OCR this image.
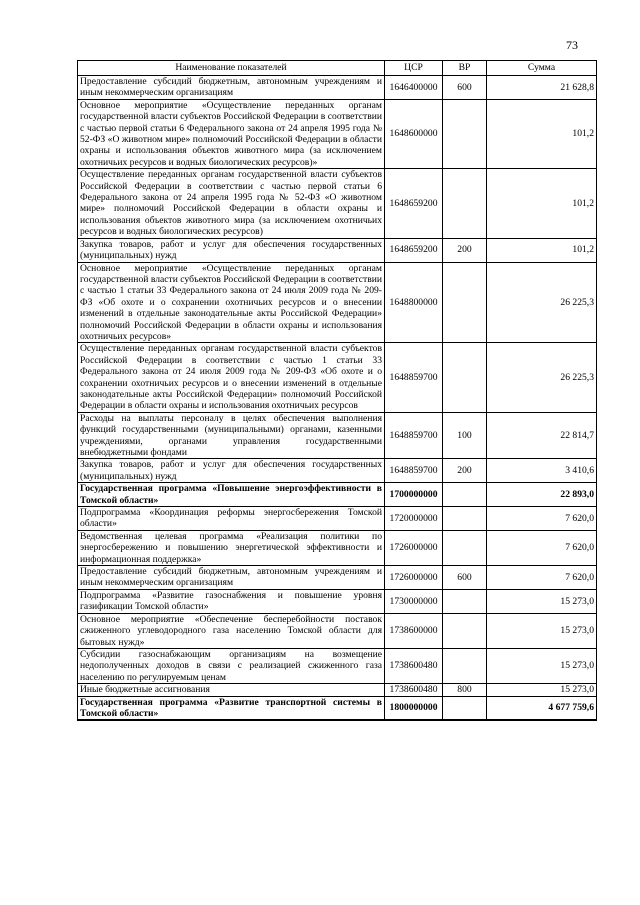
73
Наименование показателей	ЦСР	ВР	Сумма
Предоставление субсидий бюджетным, автономным учреждениям и иным некоммерческим организациям	1646400000	600	21 628,8
Основное мероприятие «Осуществление переданных органам государственной власти субъектов Российской Федерации в соответствии с частью первой статьи 6 Федерального закона от 24 апреля 1995 года № 52-ФЗ «О животном мире» полномочий Российской Федерации в области охраны и использования объектов животного мира (за исключением охотничьих ресурсов и водных биологических ресурсов)»	1648600000		101,2
Осуществление переданных органам государственной власти субъектов Российской Федерации в соответствии с частью первой статьи 6 Федерального закона от 24 апреля 1995 года № 52-ФЗ «О животном мире» полномочий Российской Федерации в области охраны и использования объектов животного мира (за исключением охотничьих ресурсов и водных биологических ресурсов)	1648659200		101,2
Закупка товаров, работ и услуг для обеспечения государственных (муниципальных) нужд	1648659200	200	101,2
Основное мероприятие «Осуществление переданных органам государственной власти субъектов Российской Федерации в соответствии с частью 1 статьи 33 Федерального закона от 24 июля 2009 года № 209-ФЗ «Об охоте и о сохранении охотничьих ресурсов и о внесении изменений в отдельные законодательные акты Российской Федерации» полномочий Российской Федерации в области охраны и использования охотничьих ресурсов»	1648800000		26 225,3
Осуществление переданных органам государственной власти субъектов Российской Федерации в соответствии с частью 1 статьи 33 Федерального закона от 24 июля 2009 года № 209-ФЗ «Об охоте и о сохранении охотничьих ресурсов и о внесении изменений в отдельные законодательные акты Российской Федерации» полномочий Российской Федерации в области охраны и использования охотничьих ресурсов	1648859700		26 225,3
Расходы на выплаты персоналу в целях обеспечения выполнения функций государственными (муниципальными) органами, казенными учреждениями, органами управления государственными внебюджетными фондами	1648859700	100	22 814,7
Закупка товаров, работ и услуг для обеспечения государственных (муниципальных) нужд	1648859700	200	3 410,6
Государственная программа «Повышение энергоэффективности в Томской области»	1700000000		22 893,0
Подпрограмма «Координация реформы энергосбережения Томской области»	1720000000		7 620,0
Ведомственная целевая программа «Реализация политики по энергосбережению и повышению энергетической эффективности и информационная поддержка»	1726000000		7 620,0
Предоставление субсидий бюджетным, автономным учреждениям и иным некоммерческим организациям	1726000000	600	7 620,0
Подпрограмма «Развитие газоснабжения и повышение уровня газификации Томской области»	1730000000		15 273,0
Основное мероприятие «Обеспечение бесперебойности поставок сжиженного углеводородного газа населению Томской области для бытовых нужд»	1738600000		15 273,0
Субсидии газоснабжающим организациям на возмещение недополученных доходов в связи с реализацией сжиженного газа населению по регулируемым ценам	1738600480		15 273,0
Иные бюджетные ассигнования	1738600480	800	15 273,0
Государственная программа «Развитие транспортной системы в Томской области»	1800000000		4 677 759,6
